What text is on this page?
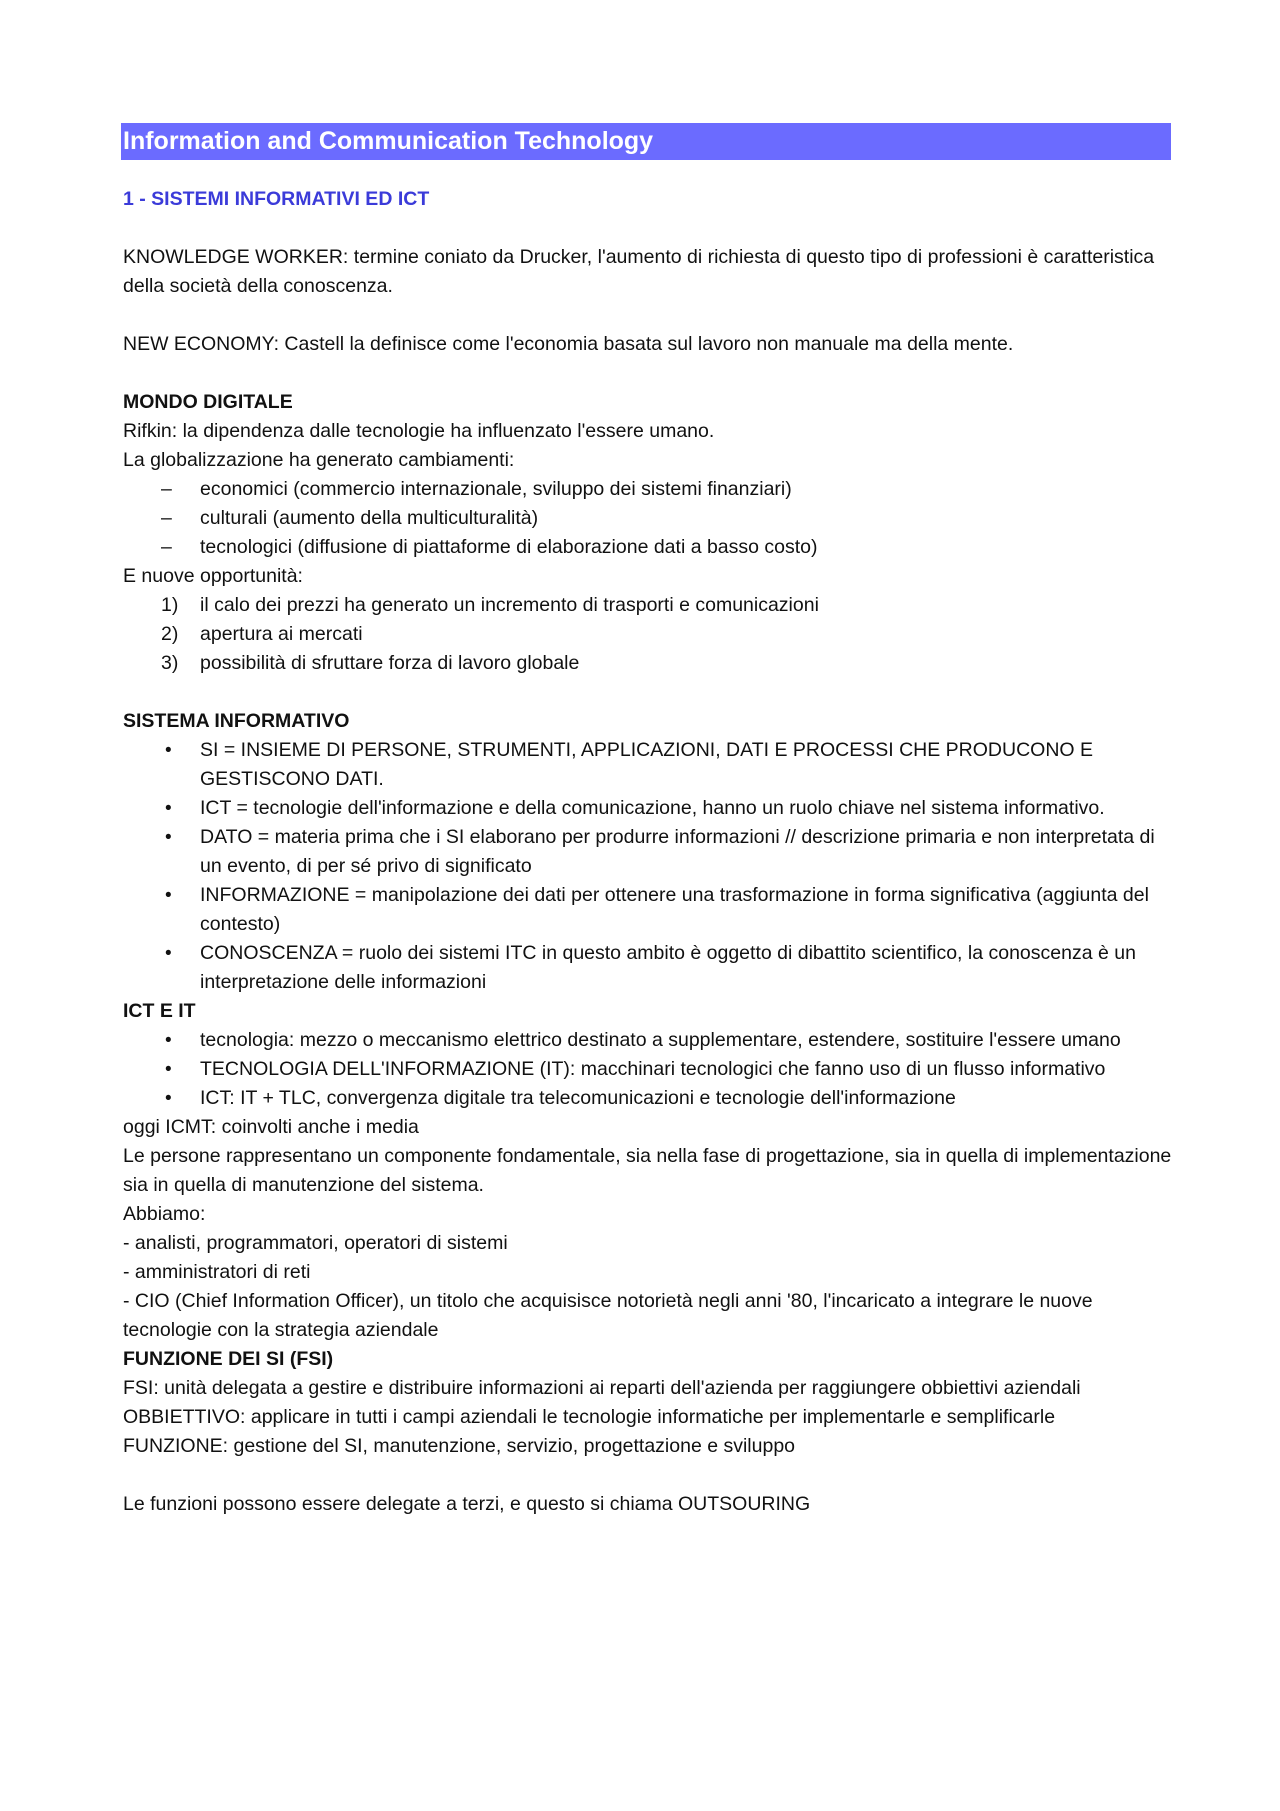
Information and Communication Technology
1 - SISTEMI INFORMATIVI ED ICT
KNOWLEDGE WORKER: termine coniato da Drucker, l'aumento di richiesta di questo tipo di professioni è caratteristica della società della conoscenza.
NEW ECONOMY: Castell la definisce come l'economia basata sul lavoro non manuale ma della mente.
MONDO DIGITALE
Rifkin: la dipendenza dalle tecnologie ha influenzato l'essere umano.
La globalizzazione ha generato cambiamenti:
–	economici (commercio internazionale, sviluppo dei sistemi finanziari)
–	culturali (aumento della multiculturalità)
–	tecnologici (diffusione di piattaforme di elaborazione dati a basso costo)
E nuove opportunità:
1)	il calo dei prezzi ha generato un incremento di trasporti e comunicazioni
2)	apertura ai mercati
3)	possibilità di sfruttare forza di lavoro globale
SISTEMA INFORMATIVO
•	SI = INSIEME DI PERSONE, STRUMENTI, APPLICAZIONI, DATI E PROCESSI CHE PRODUCONO E GESTISCONO DATI.
•	ICT = tecnologie dell'informazione e della comunicazione, hanno un ruolo chiave nel sistema informativo.
•	DATO = materia prima che i SI elaborano per produrre informazioni // descrizione primaria e non interpretata di un evento, di per sé privo di significato
•	INFORMAZIONE = manipolazione dei dati per ottenere una trasformazione in forma significativa (aggiunta del contesto)
•	CONOSCENZA = ruolo dei sistemi ITC in questo ambito è oggetto di dibattito scientifico, la conoscenza è un interpretazione delle informazioni
ICT E IT
•	tecnologia: mezzo o meccanismo elettrico destinato a supplementare, estendere, sostituire l'essere umano
•	TECNOLOGIA DELL'INFORMAZIONE (IT): macchinari tecnologici che fanno uso di un flusso informativo
•	ICT: IT + TLC, convergenza digitale tra telecomunicazioni e tecnologie dell'informazione
oggi ICMT: coinvolti anche i media
Le persone rappresentano un componente fondamentale, sia nella fase di progettazione, sia in quella di implementazione sia in quella di manutenzione del sistema.
Abbiamo:
- analisti, programmatori, operatori di sistemi
- amministratori di reti
- CIO (Chief Information Officer), un titolo che acquisisce notorietà negli anni '80, l'incaricato a integrare le nuove tecnologie con la strategia aziendale
FUNZIONE DEI SI (FSI)
FSI: unità delegata a gestire e distribuire informazioni ai reparti dell'azienda per raggiungere obbiettivi aziendali
OBBIETTIVO: applicare in tutti i campi aziendali le tecnologie informatiche per implementarle e semplificarle
FUNZIONE: gestione del SI, manutenzione, servizio, progettazione e sviluppo
Le funzioni possono essere delegate a terzi, e questo si chiama OUTSOURING
